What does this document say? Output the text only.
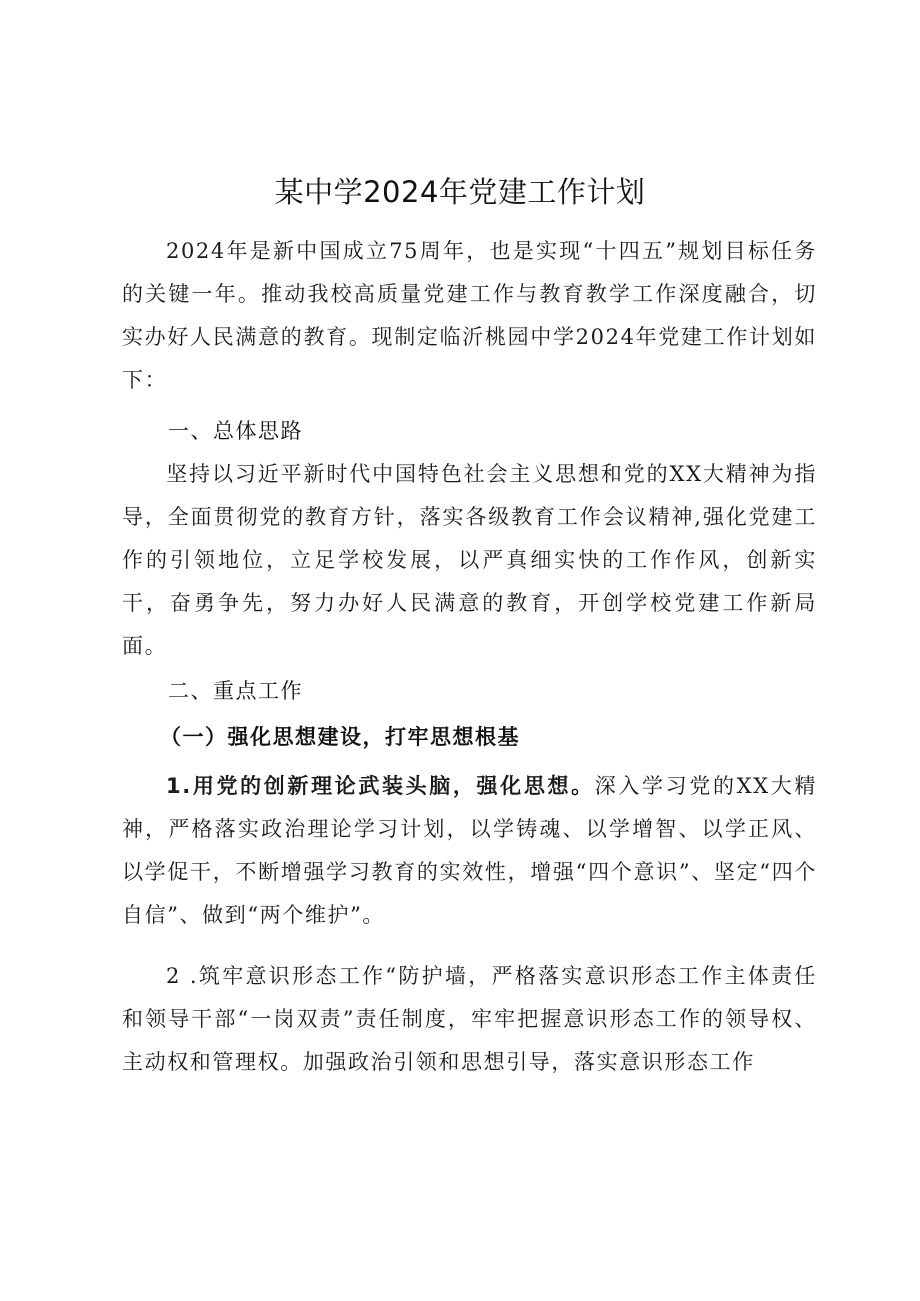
某中学2024年党建工作计划
2024年是新中国成立75周年，也是实现“十四五”规划目标任务的关键一年。推动我校高质量党建工作与教育教学工作深度融合，切实办好人民满意的教育。现制定临沂桃园中学2024年党建工作计划如下：
一、总体思路
坚持以习近平新时代中国特色社会主义思想和党的XX大精神为指导，全面贯彻党的教育方针，落实各级教育工作会议精神,强化党建工作的引领地位，立足学校发展，以严真细实快的工作作风，创新实干，奋勇争先，努力办好人民满意的教育，开创学校党建工作新局面。
二、重点工作
（一）强化思想建设，打牢思想根基
1.用党的创新理论武装头脑，强化思想。深入学习党的XX大精神，严格落实政治理论学习计划，以学铸魂、以学增智、以学正风、以学促干，不断增强学习教育的实效性，增强“四个意识”、坚定“四个自信”、做到“两个维护”。
2 .筑牢意识形态工作“防护墙，严格落实意识形态工作主体责任和领导干部“一岗双责”责任制度，牢牢把握意识形态工作的领导权、主动权和管理权。加强政治引领和思想引导，落实意识形态工作
